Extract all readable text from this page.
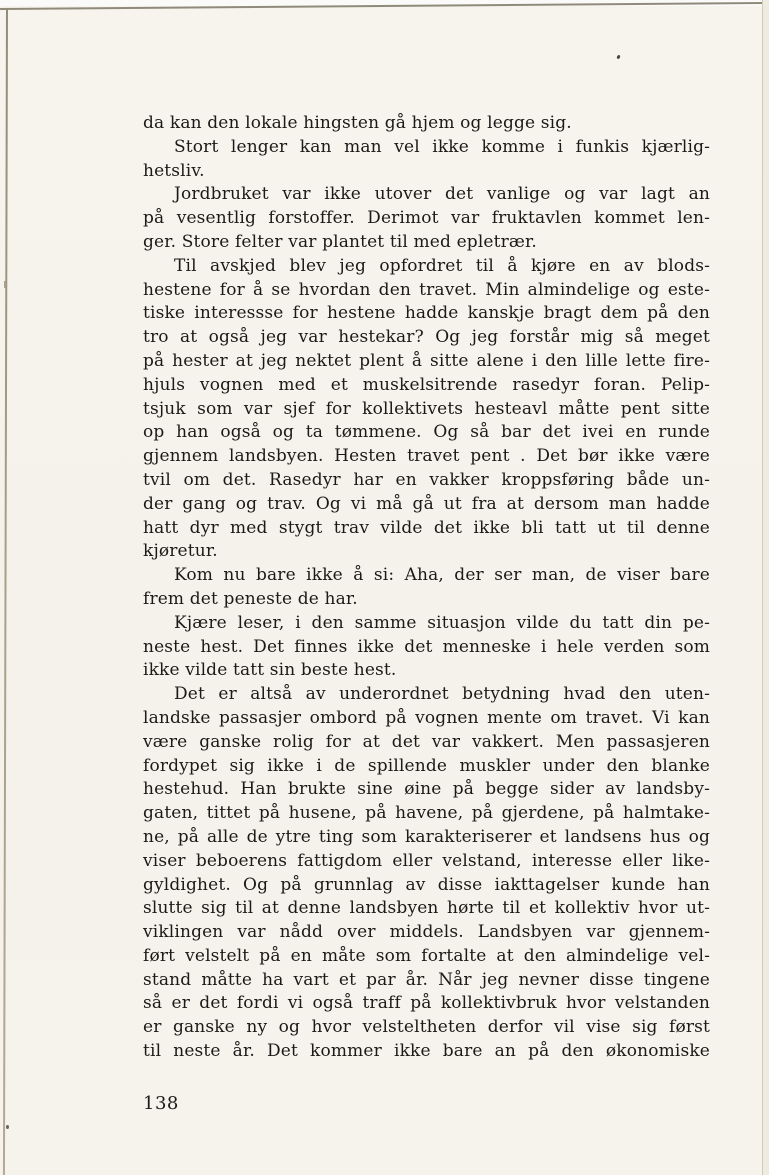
da kan den lokale hingsten gå hjem og legge sig.
Stort lenger kan man vel ikke komme i funkis kjærlig-
hetsliv.
Jordbruket var ikke utover det vanlige og var lagt an
på vesentlig forstoffer. Derimot var fruktavlen kommet len-
ger. Store felter var plantet til med epletrær.
Til avskjed blev jeg opfordret til å kjøre en av blods-
hestene for å se hvordan den travet. Min almindelige og este-
tiske interessse for hestene hadde kanskje bragt dem på den
tro at også jeg var hestekar? Og jeg forstår mig så meget
på hester at jeg nektet plent å sitte alene i den lille lette fire-
hjuls vognen med et muskelsitrende rasedyr foran. Pelip-
tsjuk som var sjef for kollektivets hesteavl måtte pent sitte
op han også og ta tømmene. Og så bar det ivei en runde
gjennem landsbyen. Hesten travet pent . Det bør ikke være
tvil om det. Rasedyr har en vakker kroppsføring både un-
der gang og trav. Og vi må gå ut fra at dersom man hadde
hatt dyr med stygt trav vilde det ikke bli tatt ut til denne
kjøretur.
Kom nu bare ikke å si: Aha, der ser man, de viser bare
frem det peneste de har.
Kjære leser, i den samme situasjon vilde du tatt din pe-
neste hest. Det finnes ikke det menneske i hele verden som
ikke vilde tatt sin beste hest.
Det er altså av underordnet betydning hvad den uten-
landske passasjer ombord på vognen mente om travet. Vi kan
være ganske rolig for at det var vakkert. Men passasjeren
fordypet sig ikke i de spillende muskler under den blanke
hestehud. Han brukte sine øine på begge sider av landsby-
gaten, tittet på husene, på havene, på gjerdene, på halmtake-
ne, på alle de ytre ting som karakteriserer et landsens hus og
viser beboerens fattigdom eller velstand, interesse eller like-
gyldighet. Og på grunnlag av disse iakttagelser kunde han
slutte sig til at denne landsbyen hørte til et kollektiv hvor ut-
viklingen var nådd over middels. Landsbyen var gjennem-
ført velstelt på en måte som fortalte at den almindelige vel-
stand måtte ha vart et par år. Når jeg nevner disse tingene
så er det fordi vi også traff på kollektivbruk hvor velstanden
er ganske ny og hvor velsteltheten derfor vil vise sig først
til neste år. Det kommer ikke bare an på den økonomiske
138
